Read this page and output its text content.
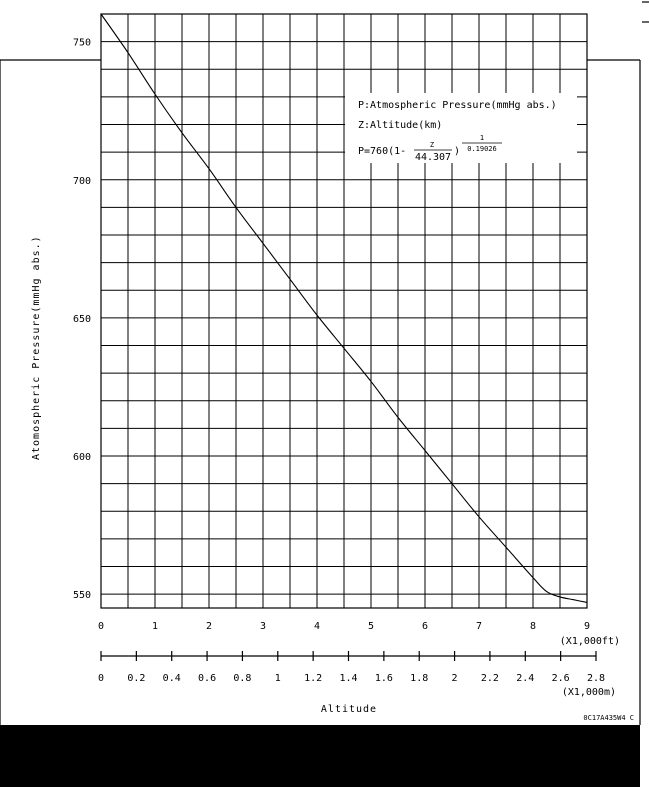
550
600
650
700
750
0	1	2	3	4	5	6	7	8	9
0 0.2 0.4 0.6 0.8 1 1.2 1.4 1.6 1.8 2 2.2 2.4 2.6 2.8
P:Atmospheric Pressure(mmHg abs.)
Z:Altitude(km)
P=760(1-
Z
44.307
)
1
0.19026
Atomospheric Pressure(mmHg abs.)
(X1,000ft)
(X1,000m)
Altitude
0C17A435W4 C
